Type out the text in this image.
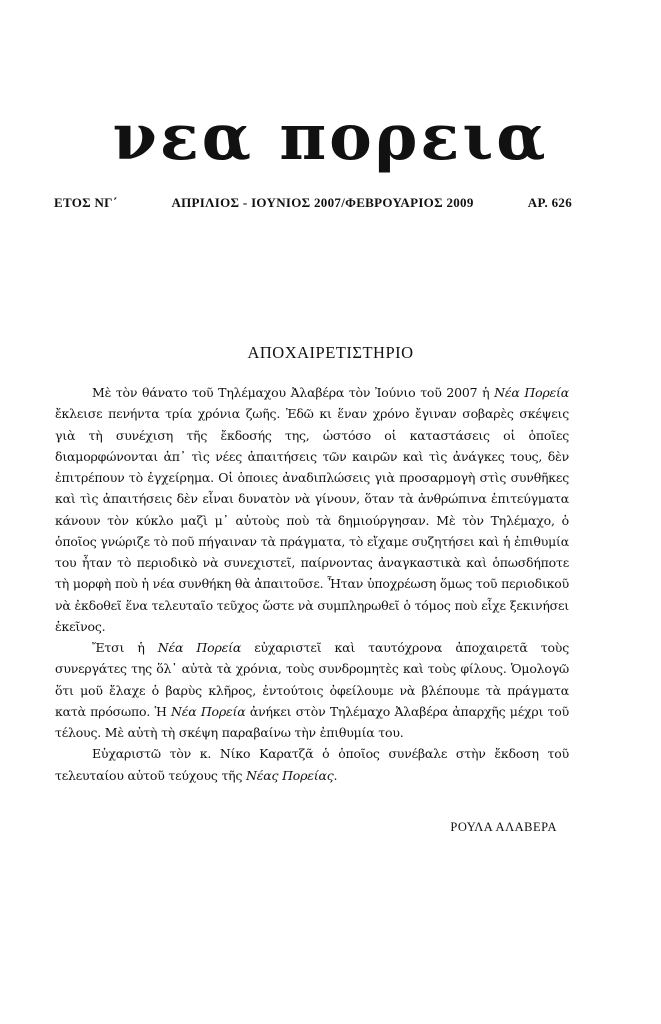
νεα πορεια
ΕΤΟΣ ΝΓ΄	ΑΠΡΙΛΙΟΣ - ΙΟΥΝΙΟΣ 2007/ΦΕΒΡΟΥΑΡΙΟΣ 2009	ΑΡ. 626
ΑΠΟΧΑΙΡΕΤΙΣΤΗΡΙΟ

Μὲ τὸν θάνατο τοῦ Τηλέμαχου Ἀλαβέρα τὸν Ἰούνιο τοῦ 2007 ἡ Νέα Πορεία ἔκλεισε πενήντα τρία χρόνια ζωῆς. Ἐδῶ κι ἕναν χρόνο ἔγιναν σοβαρὲς σκέψεις γιὰ τὴ συνέχιση τῆς ἔκδοσής της, ὡστόσο οἱ καταστάσεις οἱ ὁποῖες διαμορφώνονται ἀπ᾽ τὶς νέες ἀπαιτήσεις τῶν καιρῶν καὶ τὶς ἀνάγκες τους, δὲν ἐπιτρέπουν τὸ ἐγχείρημα. Οἱ ὁποιες ἀναδιπλώσεις γιὰ προσαρμογὴ στὶς συνθῆκες καὶ τὶς ἀπαιτήσεις δὲν εἶναι δυνατὸν νὰ γίνουν, ὅταν τὰ ἀνθρώπινα ἐπιτεύγματα κάνουν τὸν κύκλο μαζὶ μ᾽ αὐτοὺς ποὺ τὰ δημιούργησαν. Μὲ τὸν Τηλέμαχο, ὁ ὁποῖος γνώριζε τὸ ποῦ πήγαιναν τὰ πράγματα, τὸ εἴχαμε συζητήσει καὶ ἡ ἐπιθυμία του ἦταν τὸ περιοδικὸ νὰ συνεχιστεῖ, παίρνοντας ἀναγκαστικὰ καὶ ὁπωσδήποτε τὴ μορφὴ ποὺ ἡ νέα συνθήκη θὰ ἀπαιτοῦσε. Ἦταν ὑποχρέωση ὅμως τοῦ περιοδικοῦ νὰ ἐκδοθεῖ ἕνα τελευταῖο τεῦχος ὥστε νὰ συμπληρωθεῖ ὁ τόμος ποὺ εἶχε ξεκινήσει ἐκεῖνος.

Ἔτσι ἡ Νέα Πορεία εὐχαριστεῖ καὶ ταυτόχρονα ἀποχαιρετᾶ τοὺς συνεργάτες της ὅλ᾽ αὐτὰ τὰ χρόνια, τοὺς συνδρομητὲς καὶ τοὺς φίλους. Ὁμολογῶ ὅτι μοῦ ἔλαχε ὁ βαρὺς κλῆρος, ἐντούτοις ὀφείλουμε νὰ βλέπουμε τὰ πράγματα κατὰ πρόσωπο. Ἡ Νέα Πορεία ἀνήκει στὸν Τηλέμαχο Ἀλαβέρα ἀπαρχῆς μέχρι τοῦ τέλους. Μὲ αὐτὴ τὴ σκέψη παραβαίνω τὴν ἐπιθυμία του.

Εὐχαριστῶ τὸν κ. Νίκο Καρατζᾶ ὁ ὁποῖος συνέβαλε στὴν ἔκδοση τοῦ τελευταίου αὐτοῦ τεύχους τῆς Νέας Πορείας.

ΡΟΥΛΑ ΑΛΑΒΕΡΑ
